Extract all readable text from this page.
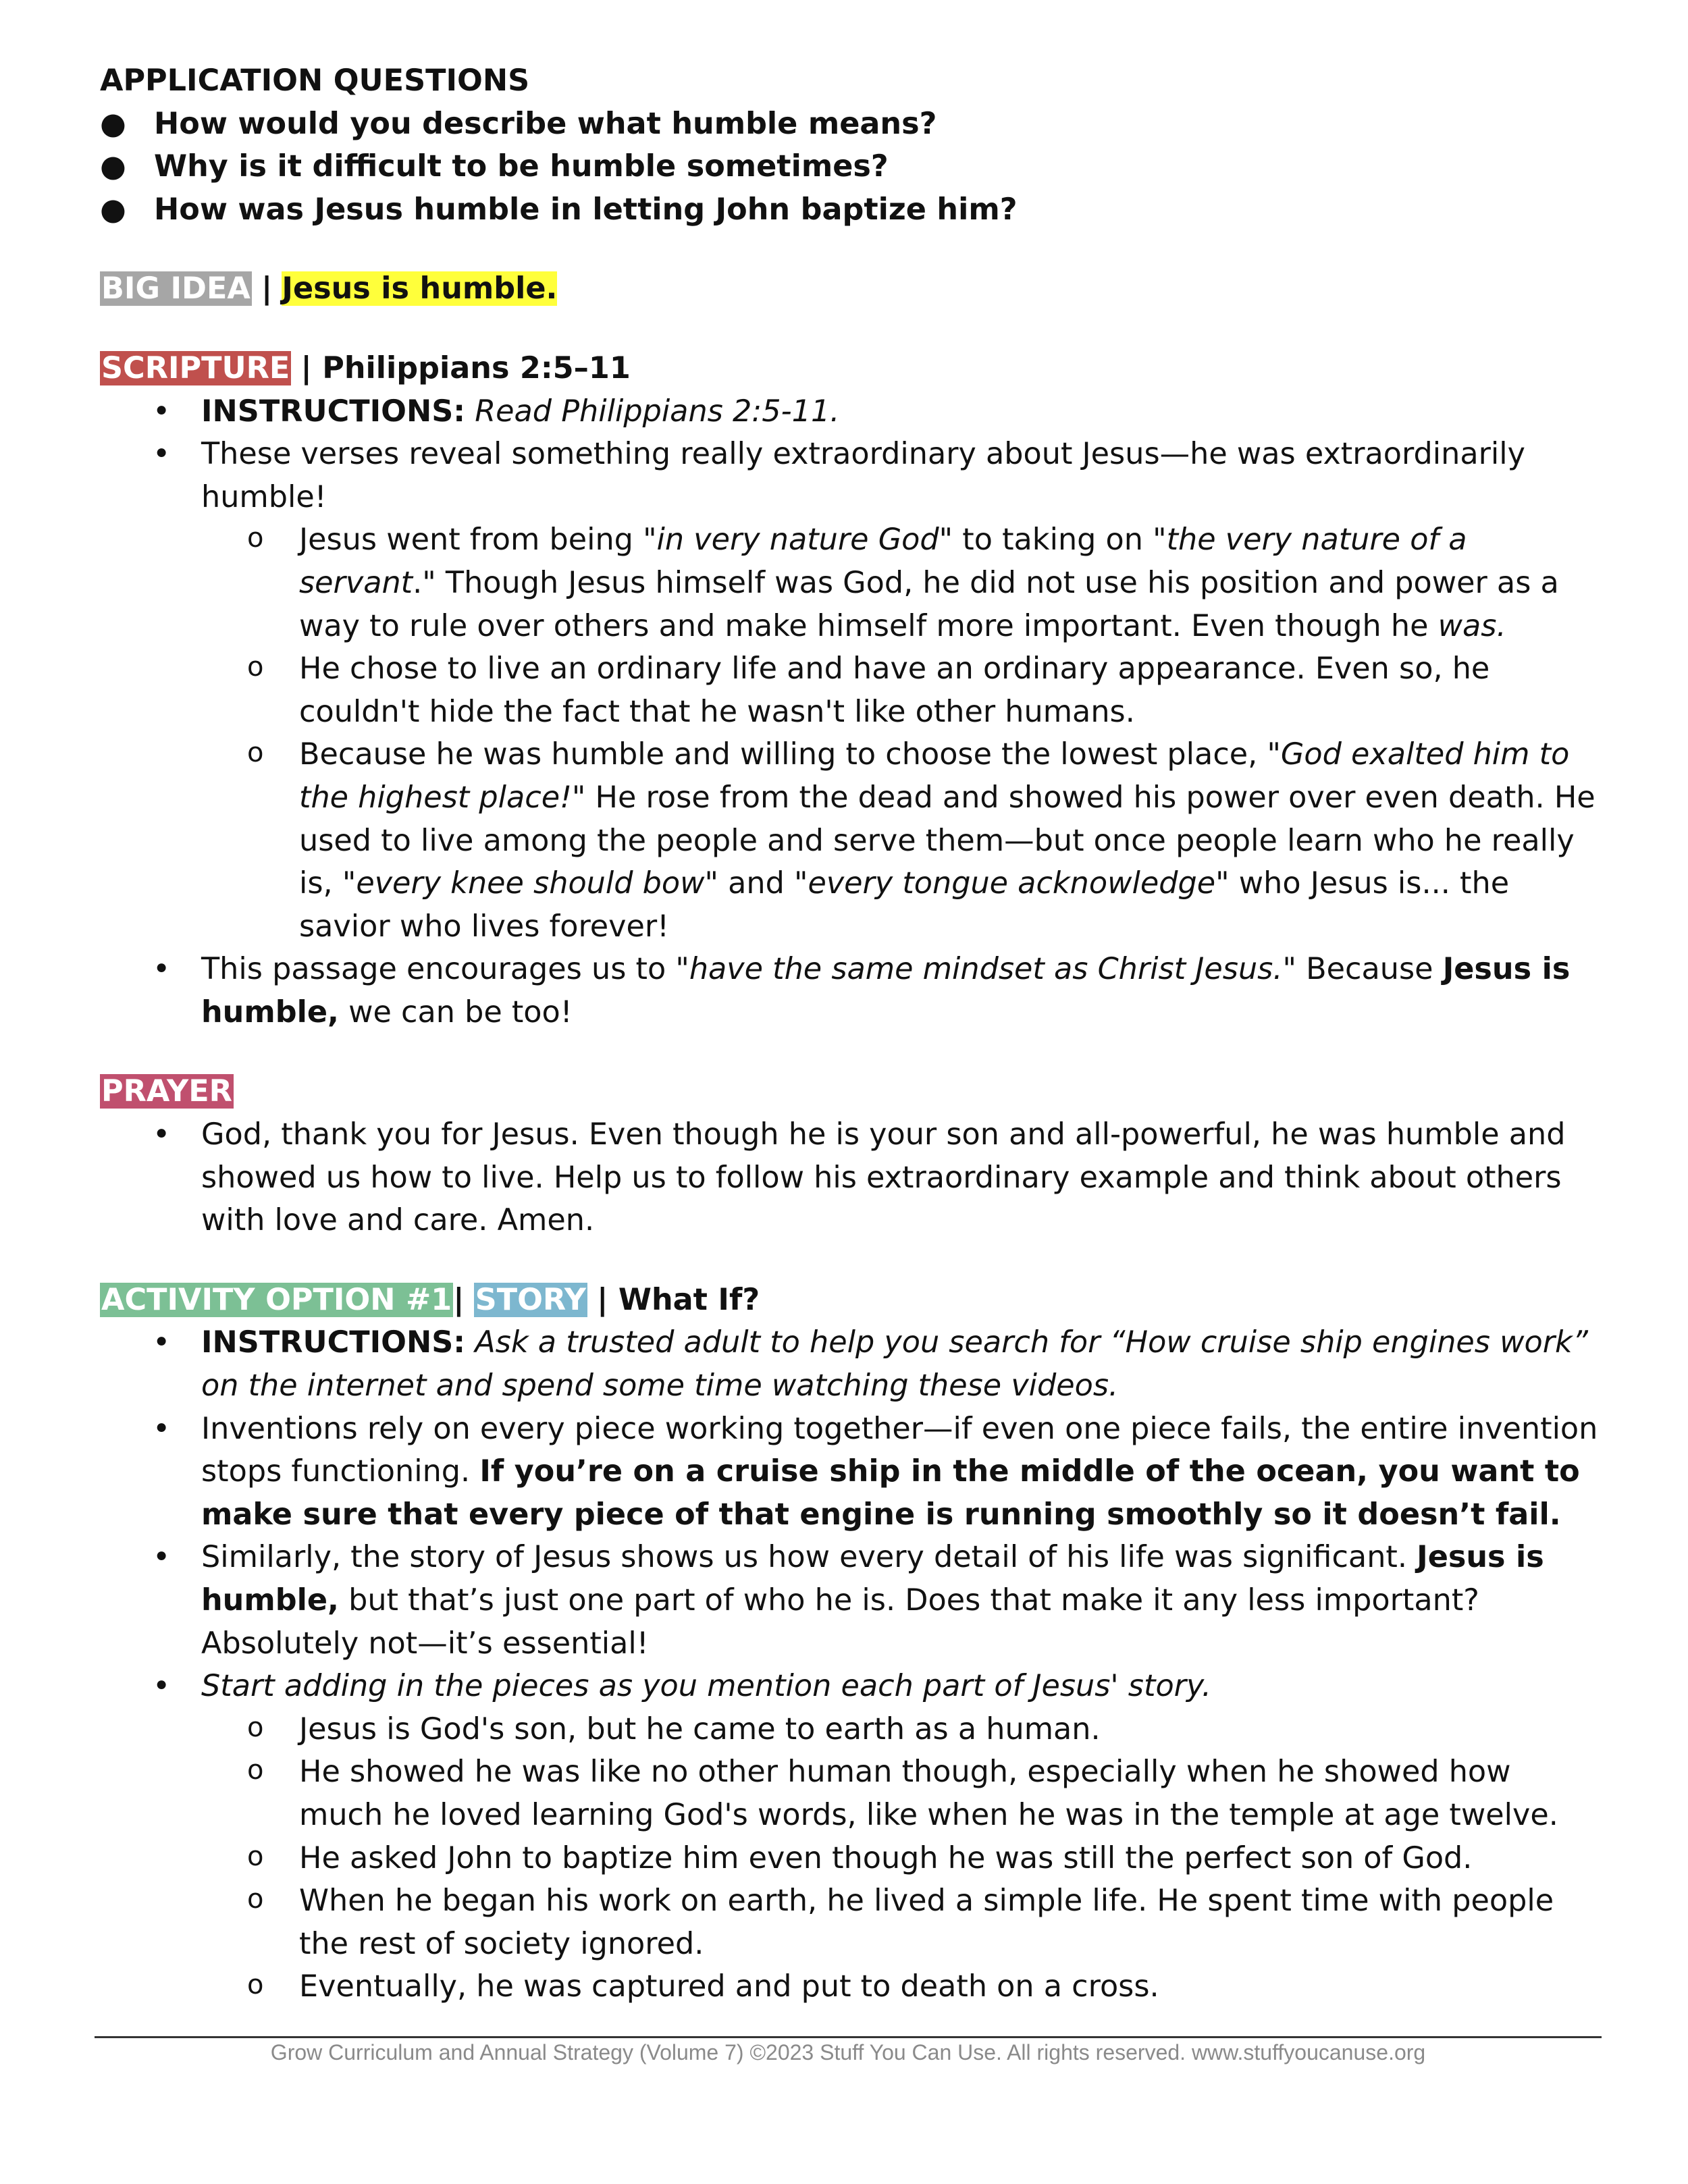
APPLICATION QUESTIONS

● How would you describe what humble means?

● Why is it difficult to be humble sometimes?

● How was Jesus humble in letting John baptize him?

BIG IDEA | Jesus is humble.

SCRIPTURE | Philippians 2:5–11

•	INSTRUCTIONS: Read Philippians 2:5-11.

•	These verses reveal something really extraordinary about Jesus—he was extraordinarily humble!

o	Jesus went from being "in very nature God" to taking on "the very nature of a servant." Though Jesus himself was God, he did not use his position and power as a way to rule over others and make himself more important. Even though he was.

o	He chose to live an ordinary life and have an ordinary appearance. Even so, he couldn't hide the fact that he wasn't like other humans.

o	Because he was humble and willing to choose the lowest place, "God exalted him to the highest place!" He rose from the dead and showed his power over even death. He used to live among the people and serve them—but once people learn who he really is, "every knee should bow" and "every tongue acknowledge" who Jesus is... the savior who lives forever!

•	This passage encourages us to "have the same mindset as Christ Jesus." Because Jesus is humble, we can be too!

PRAYER

•	God, thank you for Jesus. Even though he is your son and all-powerful, he was humble and showed us how to live. Help us to follow his extraordinary example and think about others with love and care. Amen.

ACTIVITY OPTION #1| STORY | What If?

•	INSTRUCTIONS: Ask a trusted adult to help you search for “How cruise ship engines work” on the internet and spend some time watching these videos.

•	Inventions rely on every piece working together—if even one piece fails, the entire invention stops functioning. If you’re on a cruise ship in the middle of the ocean, you want to make sure that every piece of that engine is running smoothly so it doesn’t fail.

•	Similarly, the story of Jesus shows us how every detail of his life was significant. Jesus is humble, but that’s just one part of who he is. Does that make it any less important? Absolutely not—it’s essential!

•	Start adding in the pieces as you mention each part of Jesus' story.

o	Jesus is God's son, but he came to earth as a human.

o	He showed he was like no other human though, especially when he showed how much he loved learning God's words, like when he was in the temple at age twelve.

o	He asked John to baptize him even though he was still the perfect son of God.

o	When he began his work on earth, he lived a simple life. He spent time with people the rest of society ignored.

o	Eventually, he was captured and put to death on a cross.

Grow Curriculum and Annual Strategy (Volume 7) ©2023 Stuff You Can Use. All rights reserved. www.stuffyoucanuse.org
